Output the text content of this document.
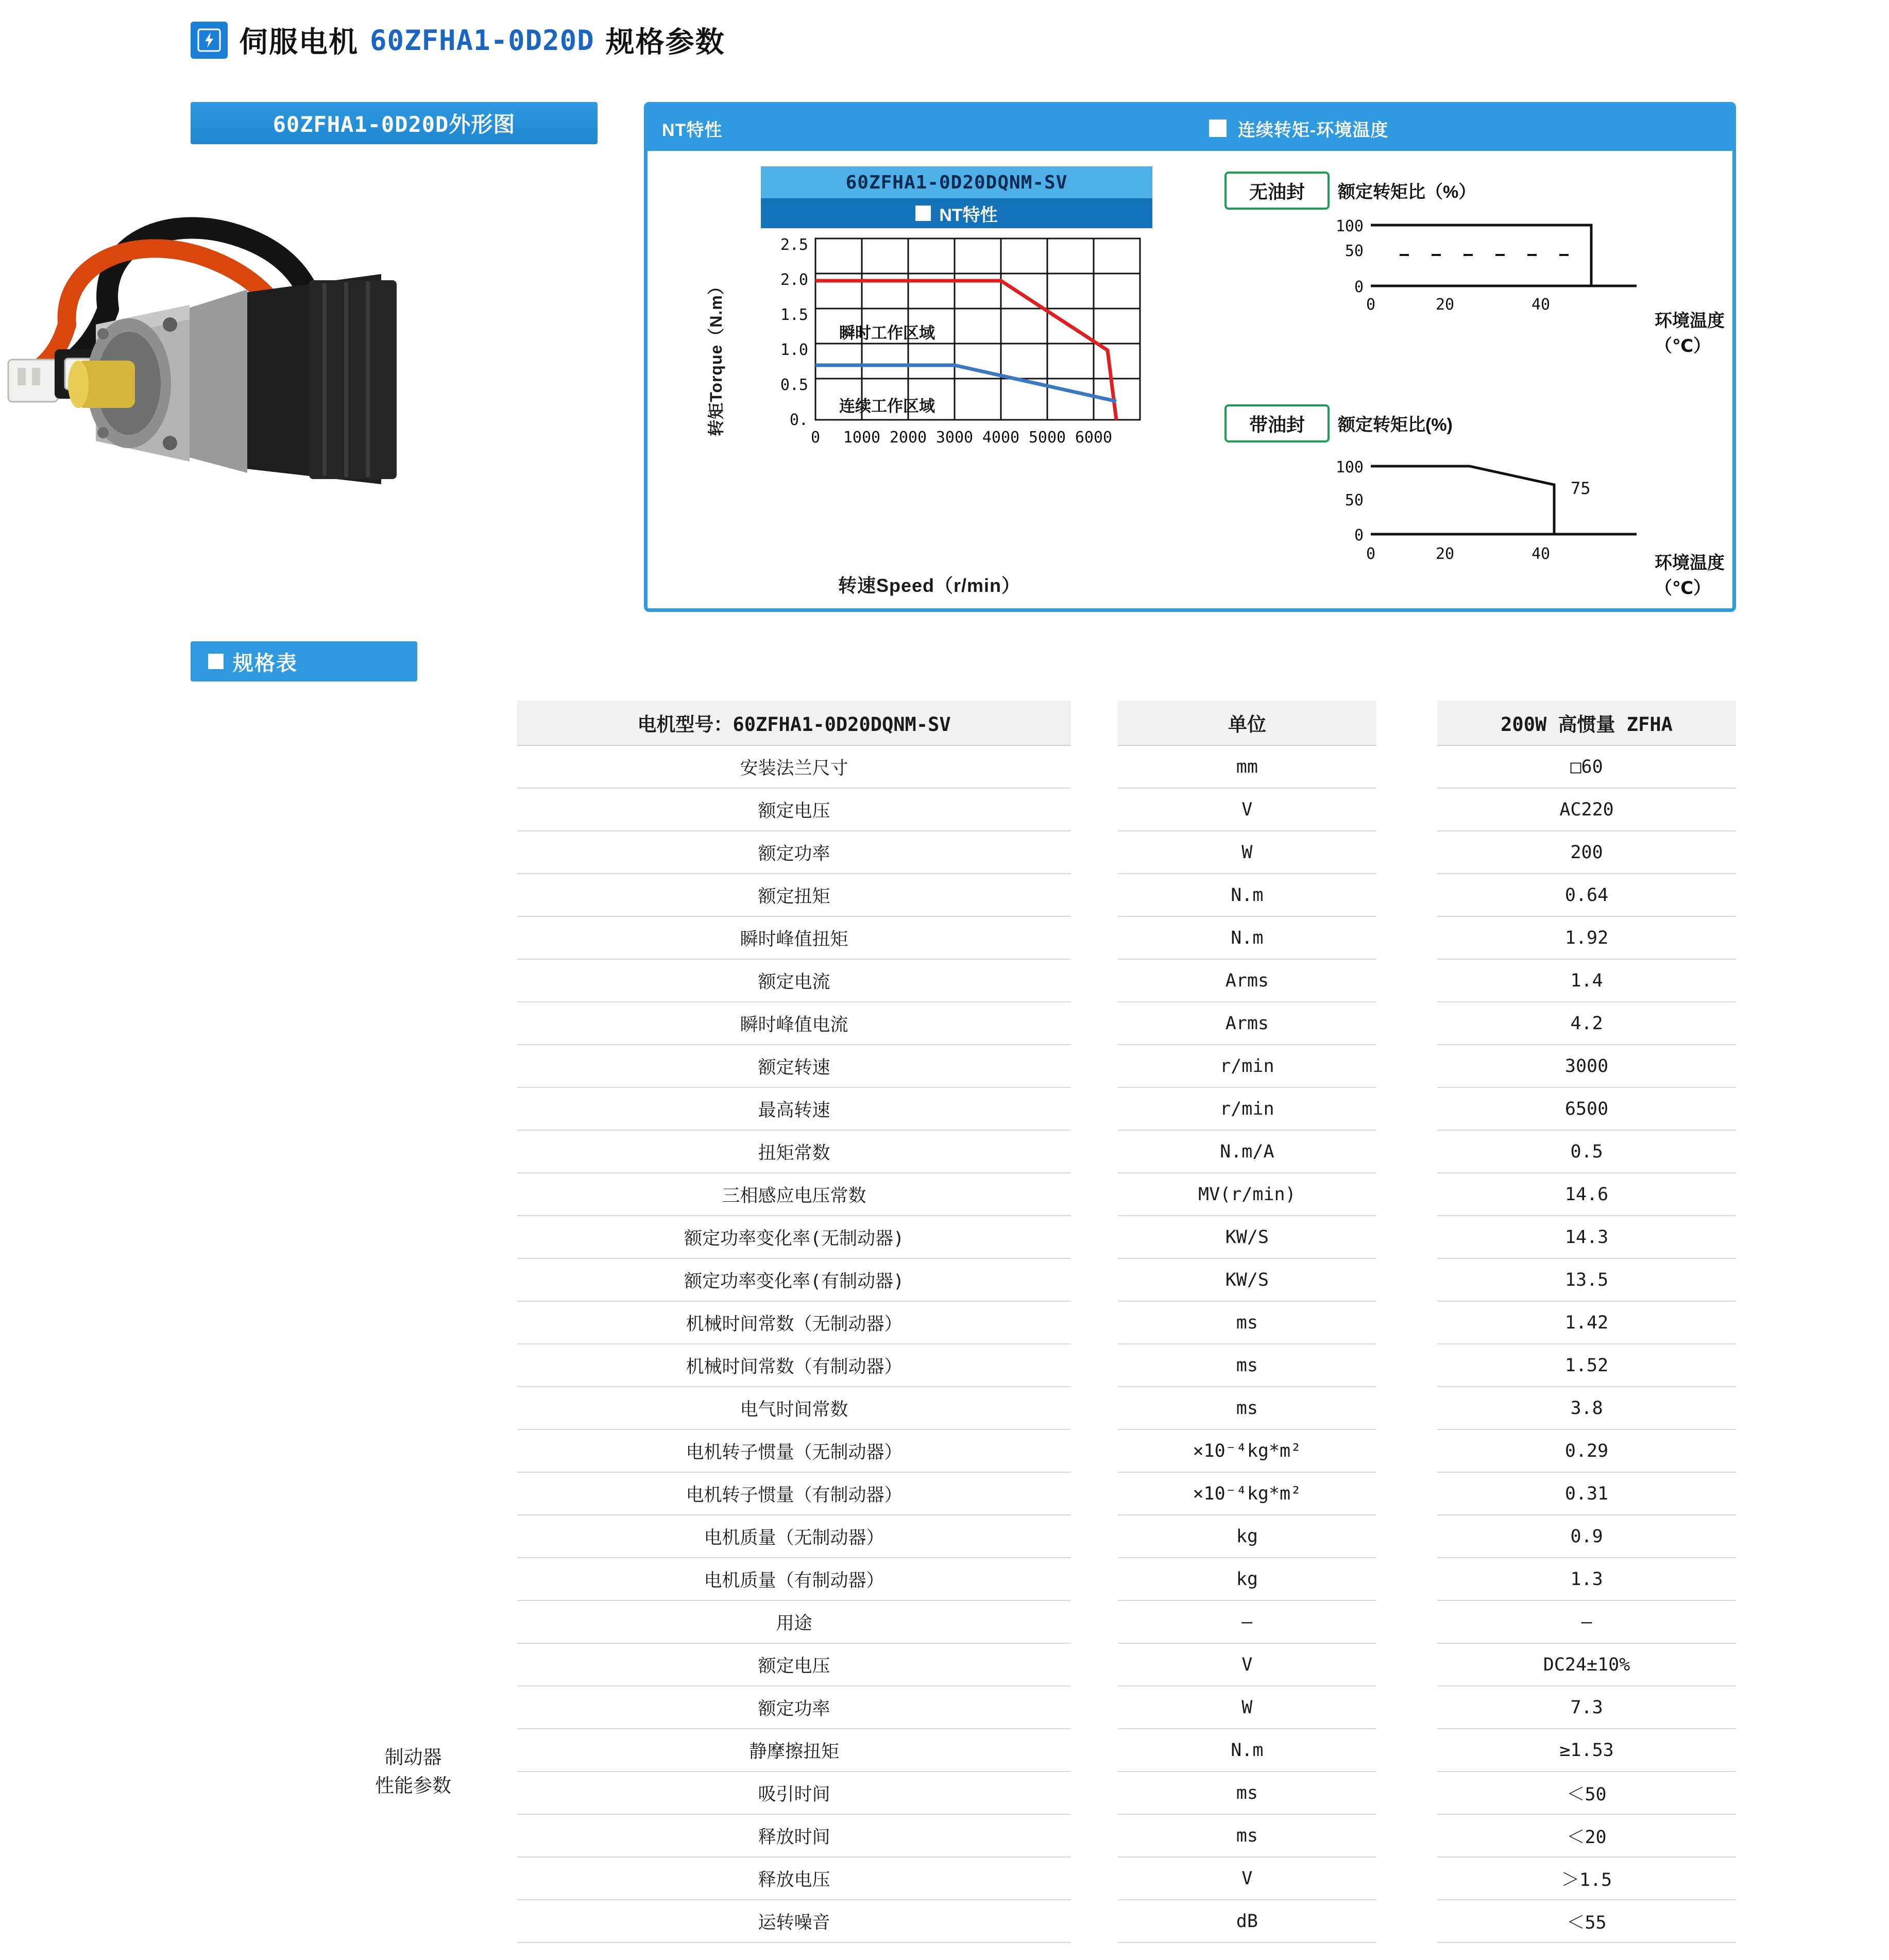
伺服电机 60ZFHA1-0D20D 规格参数
60ZFHA1-0D20D外形图	NT特性	连续转矩-环境温度
60ZFHA1-0D20DQNM-SV
NT特性
2.5
2.0
1.5
1.0
0.5
0.
0 1000 2000 3000 4000 5000 6000
转矩Torque（N.m）	瞬时工作区域
连续工作区域
转速Speed（r/min）
无油封 额定转矩比（%）
100
50
0
0	20	40
环境温度（℃）
带油封 额定转矩比(%)
100
50
0
75
0	20	40	环境温度（℃）
规格表
	电机型号：60ZFHA1-0D20DQNM-SV		单位		200W 高惯量 ZFHA
	安装法兰尺寸		mm		□60
	额定电压		V		AC220
	额定功率		W		200
	额定扭矩		N.m		0.64
	瞬时峰值扭矩		N.m		1.92
	额定电流		Arms		1.4
	瞬时峰值电流		Arms		4.2
	额定转速		r/min		3000
	最高转速		r/min		6500
	扭矩常数		N.m/A		0.5
	三相感应电压常数		MV(r/min)		14.6
	额定功率变化率(无制动器)		KW/S		14.3
	额定功率变化率(有制动器)		KW/S		13.5
	机械时间常数（无制动器）		ms		1.42
	机械时间常数（有制动器）		ms		1.52
	电气时间常数		ms		3.8
	电机转子惯量（无制动器）		×10⁻⁴kg*m²		0.29
	电机转子惯量（有制动器）		×10⁻⁴kg*m²		0.31
	电机质量（无制动器）		kg		0.9
	电机质量（有制动器）		kg		1.3

制动器
性能参数	用途		—		—
	额定电压		V		DC24±10%
	额定功率		W		7.3
	静摩擦扭矩		N.m		≥1.53
	吸引时间		ms		＜50
	释放时间		ms		＜20
	释放电压		V		＞1.5
	运转噪音		dB		＜55
